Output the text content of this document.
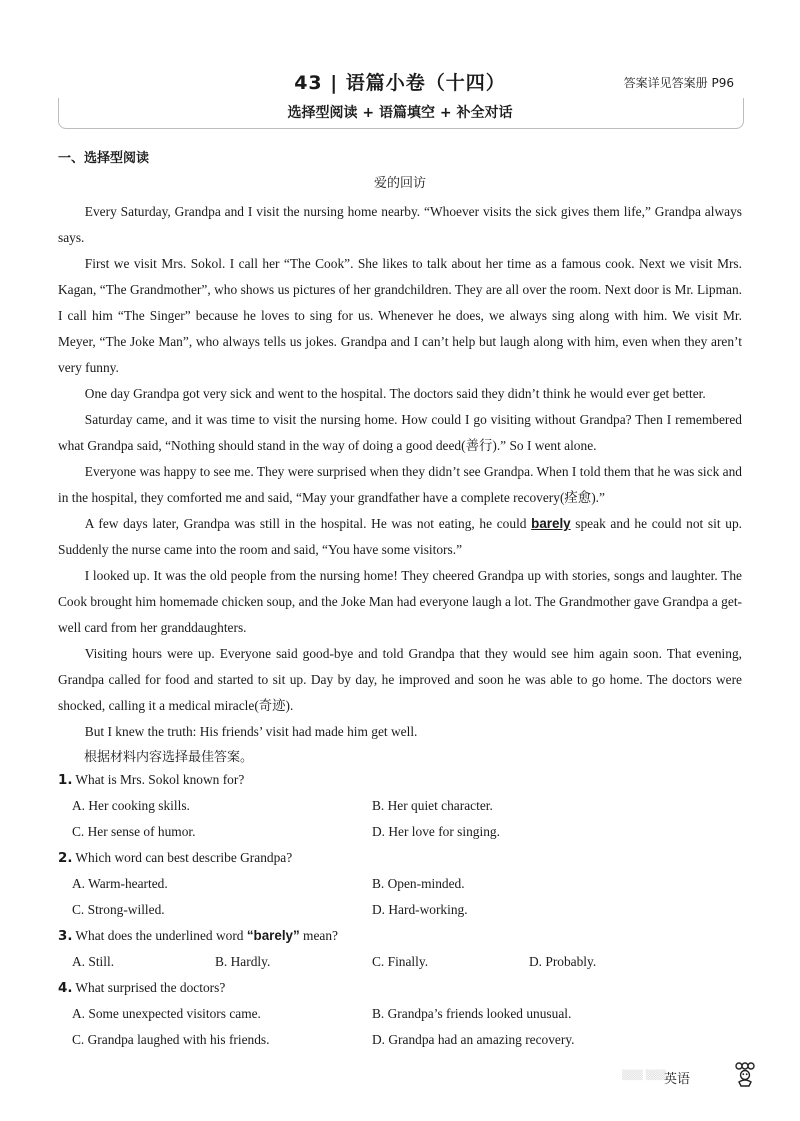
43 | 语篇小卷（十四）	答案详见答案册 P96
选择型阅读 + 语篇填空 + 补全对话
一、选择型阅读
爱的回访

Every Saturday, Grandpa and I visit the nursing home nearby. “Whoever visits the sick gives them life,” Grandpa always says.

First we visit Mrs. Sokol. I call her “The Cook”. She likes to talk about her time as a famous cook. Next we visit Mrs. Kagan, “The Grandmother”, who shows us pictures of her grandchildren. They are all over the room. Next door is Mr. Lipman. I call him “The Singer” because he loves to sing for us. Whenever he does, we always sing along with him. We visit Mr. Meyer, “The Joke Man”, who always tells us jokes. Grandpa and I can’t help but laugh along with him, even when they aren’t very funny.

One day Grandpa got very sick and went to the hospital. The doctors said they didn’t think he would ever get better.

Saturday came, and it was time to visit the nursing home. How could I go visiting without Grandpa? Then I remembered what Grandpa said, “Nothing should stand in the way of doing a good deed(善行).” So I went alone.

Everyone was happy to see me. They were surprised when they didn’t see Grandpa. When I told them that he was sick and in the hospital, they comforted me and said, “May your grandfather have a complete recovery(痊愈).”

A few days later, Grandpa was still in the hospital. He was not eating, he could barely speak and he could not sit up. Suddenly the nurse came into the room and said, “You have some visitors.”

I looked up. It was the old people from the nursing home! They cheered Grandpa up with stories, songs and laughter. The Cook brought him homemade chicken soup, and the Joke Man had everyone laugh a lot. The Grandmother gave Grandpa a get-well card from her granddaughters.

Visiting hours were up. Everyone said good-bye and told Grandpa that they would see him again soon. That evening, Grandpa called for food and started to sit up. Day by day, he improved and soon he was able to go home. The doctors were shocked, calling it a medical miracle(奇迹).

But I knew the truth: His friends’ visit had made him get well.

根据材料内容选择最佳答案。

1. What is Mrs. Sokol known for?
A. Her cooking skills.	B. Her quiet character.
C. Her sense of humor.	D. Her love for singing.
2. Which word can best describe Grandpa?
A. Warm-hearted.	B. Open-minded.
C. Strong-willed.	D. Hard-working.
3. What does the underlined word “barely” mean?
A. Still.	B. Hardly.	C. Finally.	D. Probably.
4. What surprised the doctors?
A. Some unexpected visitors came.	B. Grandpa’s friends looked unusual.
C. Grandpa laughed with his friends.	D. Grandpa had an amazing recovery.
▒▒▒ ▒▒▒
英语
